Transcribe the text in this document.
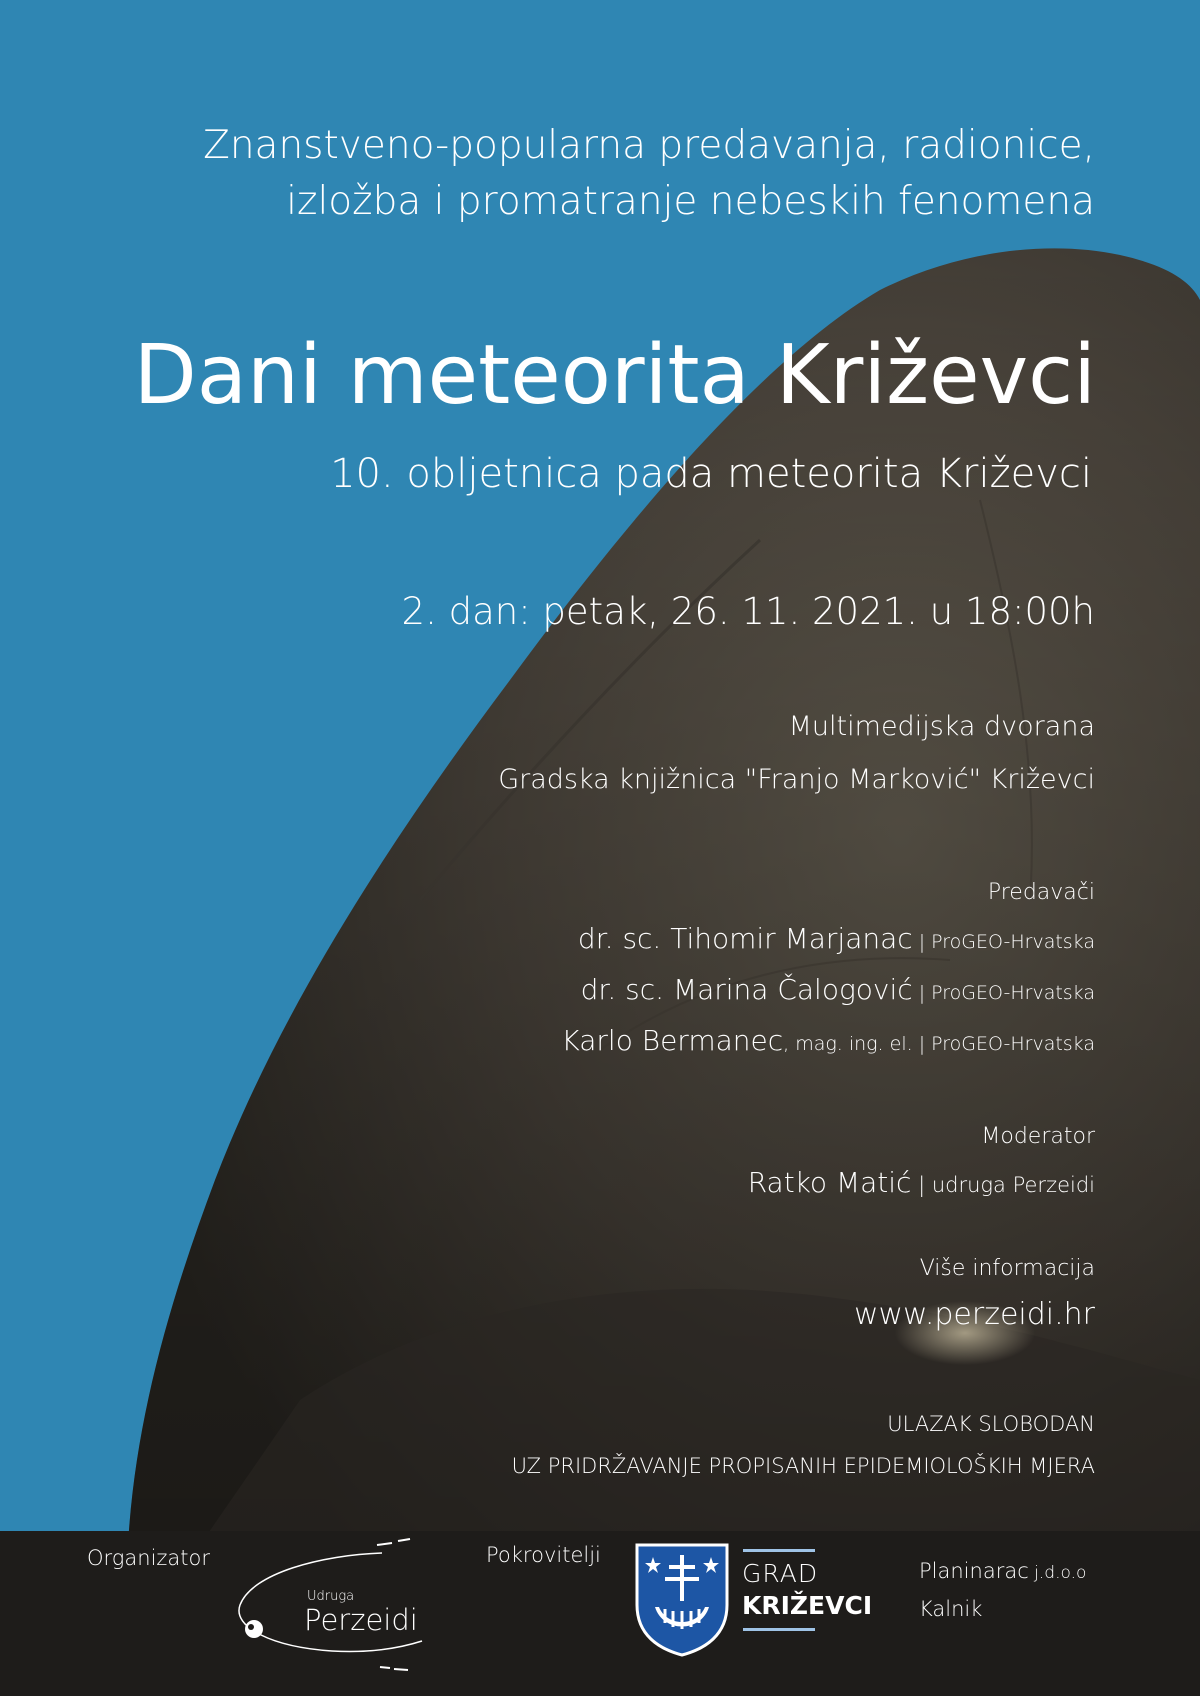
Znanstveno-popularna predavanja, radionice,
izložba i promatranje nebeskih fenomena
Dani meteorita Križevci
10. obljetnica pada meteorita Križevci
2. dan: petak, 26. 11. 2021. u 18:00h
Multimedijska dvorana
Gradska knjižnica "Franjo Marković" Križevci
Predavači
dr. sc. Tihomir Marjanac | ProGEO-Hrvatska
dr. sc. Marina Čalogović | ProGEO-Hrvatska
Karlo Bermanec, mag. ing. el. | ProGEO-Hrvatska
Moderator
Ratko Matić | udruga Perzeidi
Više informacija
www.perzeidi.hr
ULAZAK SLOBODAN
UZ PRIDRŽAVANJE PROPISANIH EPIDEMIOLOŠKIH MJERA
Organizator
Udruga
Perzeidi
Pokrovitelji
GRAD
KRIŽEVCI
Planinarac j.d.o.o
Kalnik
